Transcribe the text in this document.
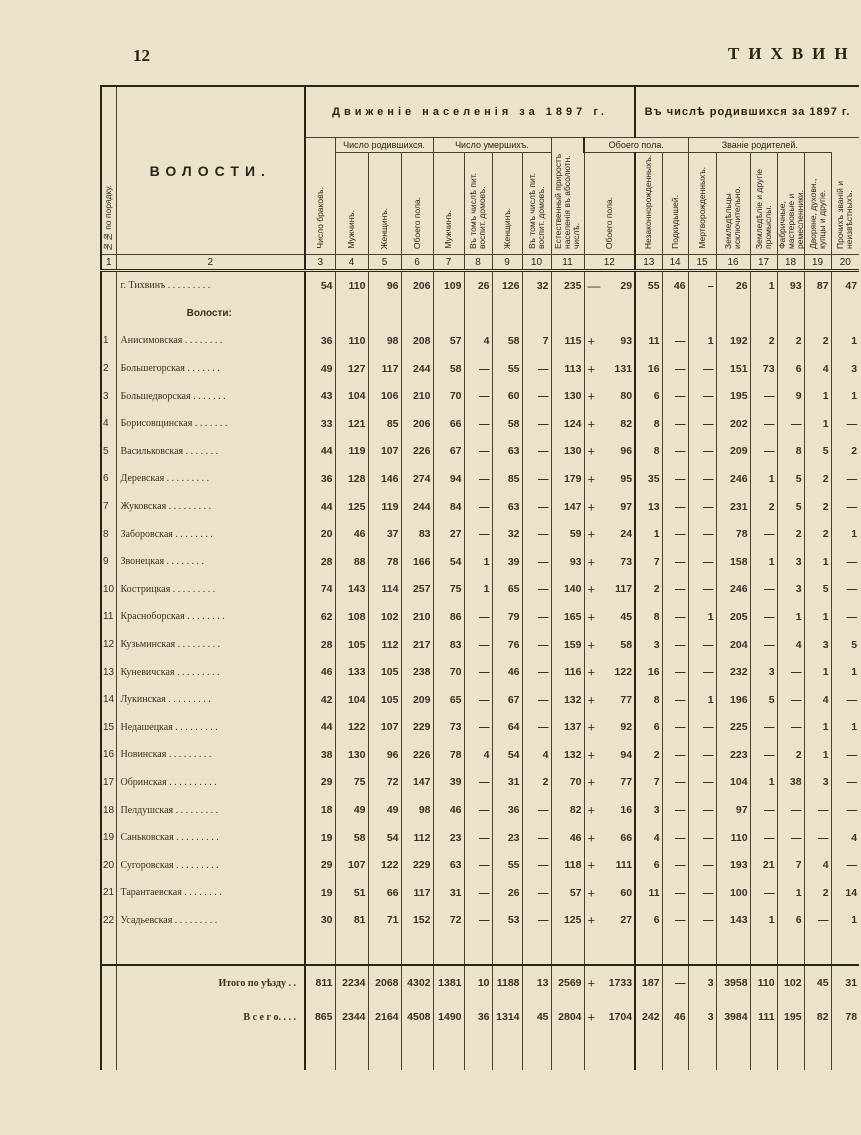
12	ТИХВИН
№№ по порядку.	ВОЛОСТИ.	Движеніе населенія за 1897 г.										Въ числѣ родившихся за 1897 г.							
		Число браковъ.	Число родившихся.			Число умершихъ.				Естественный приростъ населенія въ абсолютн. числѣ.	Обоего пола.			Званіе родителей.					
			Мужчинъ.	Женщинъ.	Обоего пола.	Мужчинъ.	Въ томъ числѣ пит. воспит. домовъ.	Женщинъ.	Въ томъ числѣ пит. воспит. домовъ.		Обоего пола.	Незаконнорожденныхъ.	Подкидышей.	Мертворожденныхъ.	Земледѣльцы исключительно.	Земледѣліе и другіе промыслы.	Фабричные, мастеровые и ремесленники.	Дворяне, духовн., купцы и другіе.	Прочихъ званій и неизвѣстныхъ.
1	2	3	4	5	6	7	8	9	10	11	12	13	14	15	16	17	18	19	20
	г. Тихвинъ . . . . . . . . .	54	110	96	206	109	26	126	32	235	— 29	55	46	–	26	1	93	87	47
	Волости:																		
1	Анисимовская . . . . . . . .	36	110	98	208	57	4	58	7	115	+ 93	11	—	1	192	2	2	2	1
2	Большегорская . . . . . . .	49	127	117	244	58	—	55	—	113	+ 131	16	—	—	151	73	6	4	3
3	Большедворская . . . . . . .	43	104	106	210	70	—	60	—	130	+ 80	6	—	—	195	—	9	1	1
4	Борисовщинская . . . . . . .	33	121	85	206	66	—	58	—	124	+ 82	8	—	—	202	—	—	1	—
5	Васильковская . . . . . . .	44	119	107	226	67	—	63	—	130	+ 96	8	—	—	209	—	8	5	2
6	Деревская . . . . . . . . .	36	128	146	274	94	—	85	—	179	+ 95	35	—	—	246	1	5	2	—
7	Жуковская . . . . . . . . .	44	125	119	244	84	—	63	—	147	+ 97	13	—	—	231	2	5	2	—
8	Заборовская . . . . . . . .	20	46	37	83	27	—	32	—	59	+ 24	1	—	—	78	—	2	2	1
9	Звонецкая . . . . . . . .	28	88	78	166	54	1	39	—	93	+ 73	7	—	—	158	1	3	1	—
10	Кострицкая . . . . . . . . .	74	143	114	257	75	1	65	—	140	+ 117	2	—	—	246	—	3	5	—
11	Красноборская . . . . . . . .	62	108	102	210	86	—	79	—	165	+ 45	8	—	1	205	—	1	1	—
12	Кузьминская . . . . . . . . .	28	105	112	217	83	—	76	—	159	+ 58	3	—	—	204	—	4	3	5
13	Куневичская . . . . . . . . .	46	133	105	238	70	—	46	—	116	+ 122	16	—	—	232	3	—	1	1
14	Лукинская . . . . . . . . .	42	104	105	209	65	—	67	—	132	+ 77	8	—	1	196	5	—	4	—
15	Недашецкая . . . . . . . . .	44	122	107	229	73	—	64	—	137	+ 92	6	—	—	225	—	—	1	1
16	Новинская . . . . . . . . .	38	130	96	226	78	4	54	4	132	+ 94	2	—	—	223	—	2	1	—
17	Обринская . . . . . . . . . .	29	75	72	147	39	—	31	2	70	+ 77	7	—	—	104	1	38	3	—
18	Пелдушская . . . . . . . . .	18	49	49	98	46	—	36	—	82	+ 16	3	—	—	97	—	—	—	—
19	Саньковская . . . . . . . . .	19	58	54	112	23	—	23	—	46	+ 66	4	—	—	110	—	—	—	4
20	Сугоровская . . . . . . . . .	29	107	122	229	63	—	55	—	118	+ 111	6	—	—	193	21	7	4	—
21	Тарантаевская . . . . . . . .	19	51	66	117	31	—	26	—	57	+ 60	11	—	—	100	—	1	2	14
22	Усадьевская . . . . . . . . .	30	81	71	152	72	—	53	—	125	+ 27	6	—	—	143	1	6	—	1

	Итого по уѣзду . .	811	2234	2068	4302	1381	10	1188	13	2569	+ 1733	187	—	3	3958	110	102	45	31
	В с е г о. . . .	865	2344	2164	4508	1490	36	1314	45	2804	+ 1704	242	46	3	3984	111	195	82	78
